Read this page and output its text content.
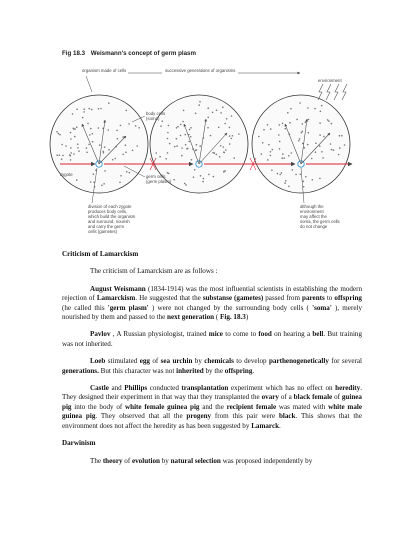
Fig 18.3 Weismann's concept of germ plasm
organism made of cells	successive generations of organisms
environment
body cells
(soma)
germ cells
(germ plasm)
zygote
division of each zygote
produces body cells,
which build the organism
and surround, nourish
and carry the germ
cells (gametes)
although the
environment
may affect the
soma, the germ cells
do not change

Criticism of Lamarckism

The criticism of Lamarckism are as follows :

August Weismann (1834-1914) was the most influential scientists in establishing the modern rejection of Lamarckism. He suggested that the substanse (gametes) passed from parents to offspring (he called this 'germ plasm' ) were not changed by the surrounding body cells ( 'soma' ), merely nourished by them and passed to the next generation ( Fig. 18.3)

Pavlov , A Russian physiologist, trained mice to come to food on hearing a bell. But training was not inherited.

Loeb stimulated egg of sea urchin by chemicals to develop parthenogenetically for several generations. But this character was not inherited by the offspring.

Castle and Phillips conducted transplantation experiment which has no effect on heredity. They designed their experiment in that way that they transplanted the ovary of a black female of guinea pig into the body of white female guinea pig and the recipient female was mated with white male guinea pig. They observed that all the progeny from this pair were black. This shows that the environment does not affect the heredity as has been suggested by Lamarck.

Darwinism

The theory of evolution by natural selection was proposed independently by
